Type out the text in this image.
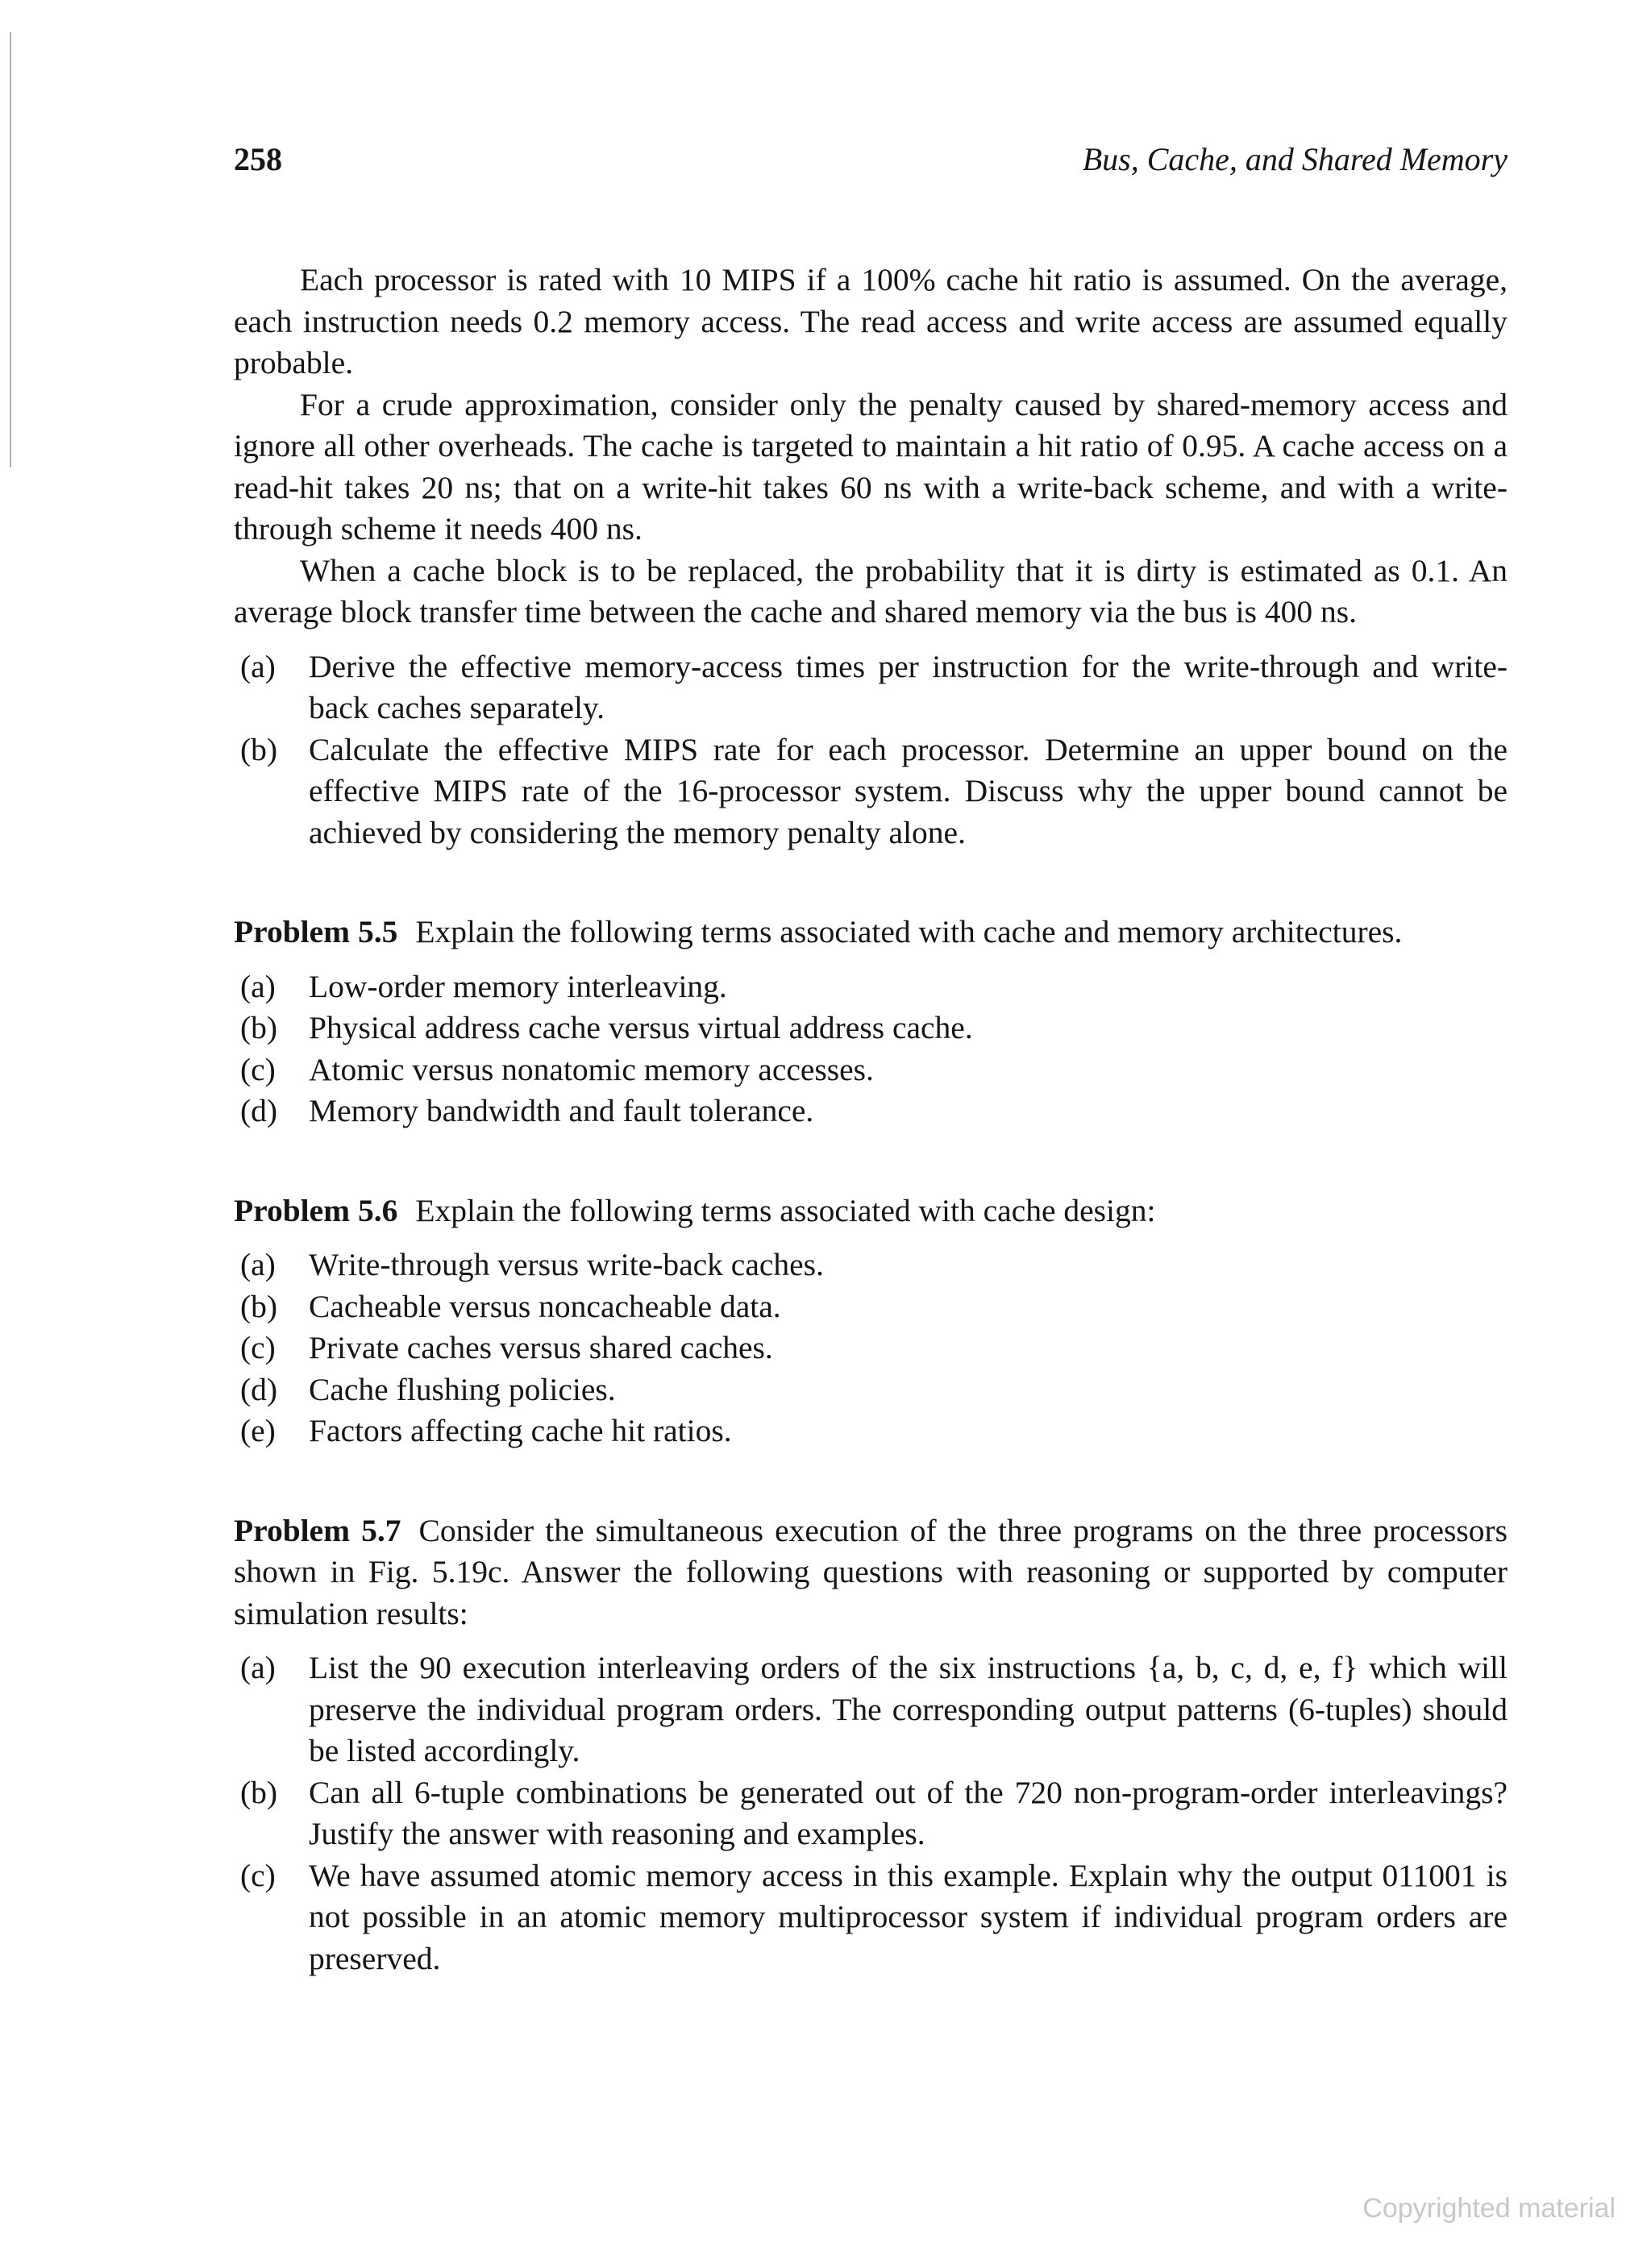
258	Bus, Cache, and Shared Memory

Each processor is rated with 10 MIPS if a 100% cache hit ratio is assumed. On the average, each instruction needs 0.2 memory access. The read access and write access are assumed equally probable.

For a crude approximation, consider only the penalty caused by shared-memory access and ignore all other overheads. The cache is targeted to maintain a hit ratio of 0.95. A cache access on a read-hit takes 20 ns; that on a write-hit takes 60 ns with a write-back scheme, and with a write-through scheme it needs 400 ns.

When a cache block is to be replaced, the probability that it is dirty is estimated as 0.1. An average block transfer time between the cache and shared memory via the bus is 400 ns.

(a) Derive the effective memory-access times per instruction for the write-through and write-back caches separately.
(b) Calculate the effective MIPS rate for each processor. Determine an upper bound on the effective MIPS rate of the 16-processor system. Discuss why the upper bound cannot be achieved by considering the memory penalty alone.

Problem 5.5 Explain the following terms associated with cache and memory architectures.

(a) Low-order memory interleaving.
(b) Physical address cache versus virtual address cache.
(c) Atomic versus nonatomic memory accesses.
(d) Memory bandwidth and fault tolerance.

Problem 5.6 Explain the following terms associated with cache design:

(a) Write-through versus write-back caches.
(b) Cacheable versus noncacheable data.
(c) Private caches versus shared caches.
(d) Cache flushing policies.
(e) Factors affecting cache hit ratios.

Problem 5.7 Consider the simultaneous execution of the three programs on the three processors shown in Fig. 5.19c. Answer the following questions with reasoning or supported by computer simulation results:

(a) List the 90 execution interleaving orders of the six instructions {a, b, c, d, e, f} which will preserve the individual program orders. The corresponding output patterns (6-tuples) should be listed accordingly.
(b) Can all 6-tuple combinations be generated out of the 720 non-program-order interleavings? Justify the answer with reasoning and examples.
(c) We have assumed atomic memory access in this example. Explain why the output 011001 is not possible in an atomic memory multiprocessor system if individual program orders are preserved.
Copyrighted material
